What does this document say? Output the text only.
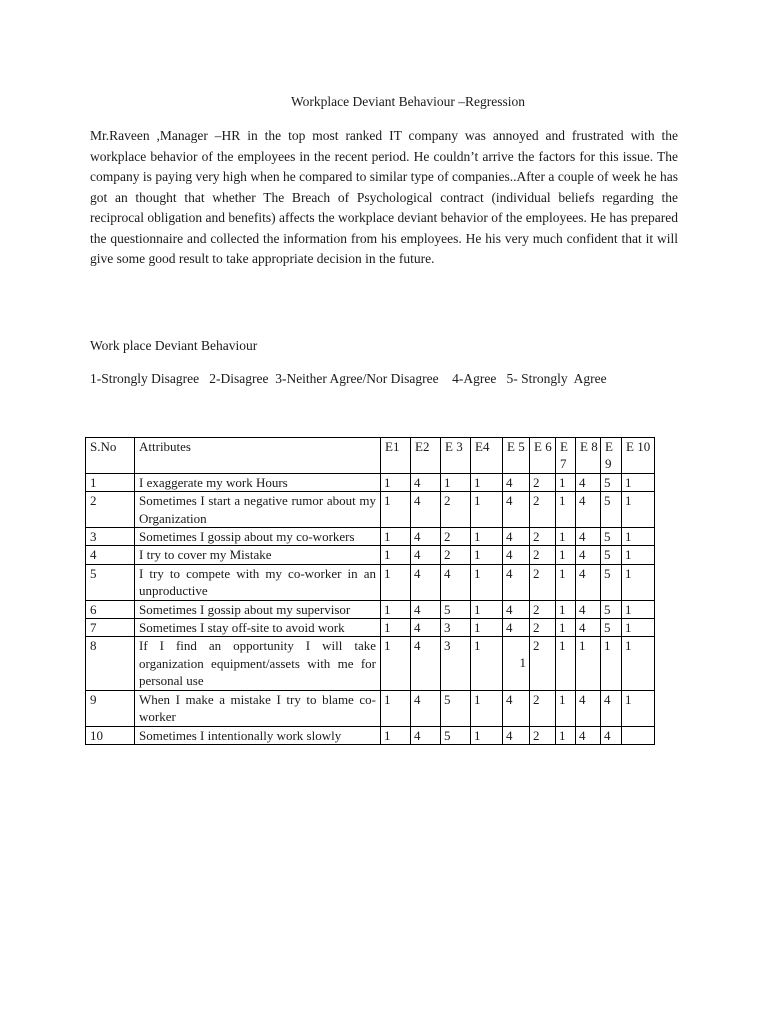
Workplace Deviant Behaviour –Regression

Mr.Raveen ,Manager –HR in the top most ranked IT company was annoyed and frustrated with the workplace behavior of the employees in the recent period. He couldn’t arrive the factors for this issue. The company is paying very high when he compared to similar type of companies..After a couple of week he has got an thought that whether The Breach of Psychological contract (individual beliefs regarding the reciprocal obligation and benefits) affects the workplace deviant behavior of the employees. He has prepared the questionnaire and collected the information from his employees. He his very much confident that it will give some good result to take appropriate decision in the future.

Work place Deviant Behaviour
1-Strongly Disagree   2-Disagree  3-Neither Agree/Nor Disagree    4-Agree   5- Strongly  Agree
S.No	Attributes	E1	E2	E 3	E4	E 5	E 6	E 7	E 8	E 9	E 10
1	I exaggerate my work Hours	1	4	1	1	4	2	1	4	5	1
2	Sometimes I start a negative rumor about my Organization	1	4	2	1	4	2	1	4	5	1
3	Sometimes I gossip about my co-workers	1	4	2	1	4	2	1	4	5	1
4	I try to cover my Mistake	1	4	2	1	4	2	1	4	5	1
5	I try to compete with my co-worker in an unproductive	1	4	4	1	4	2	1	4	5	1
6	Sometimes I gossip about my supervisor	1	4	5	1	4	2	1	4	5	1
7	Sometimes I stay off-site to avoid work	1	4	3	1	4	2	1	4	5	1
8	If I find an opportunity I will take organization equipment/assets with me for personal use	1	4	3	1	1	2	1	1	1	1
9	When I make a mistake I try to blame co-worker	1	4	5	1	4	2	1	4	4	1
10	Sometimes I intentionally work slowly	1	4	5	1	4	2	1	4	4	
